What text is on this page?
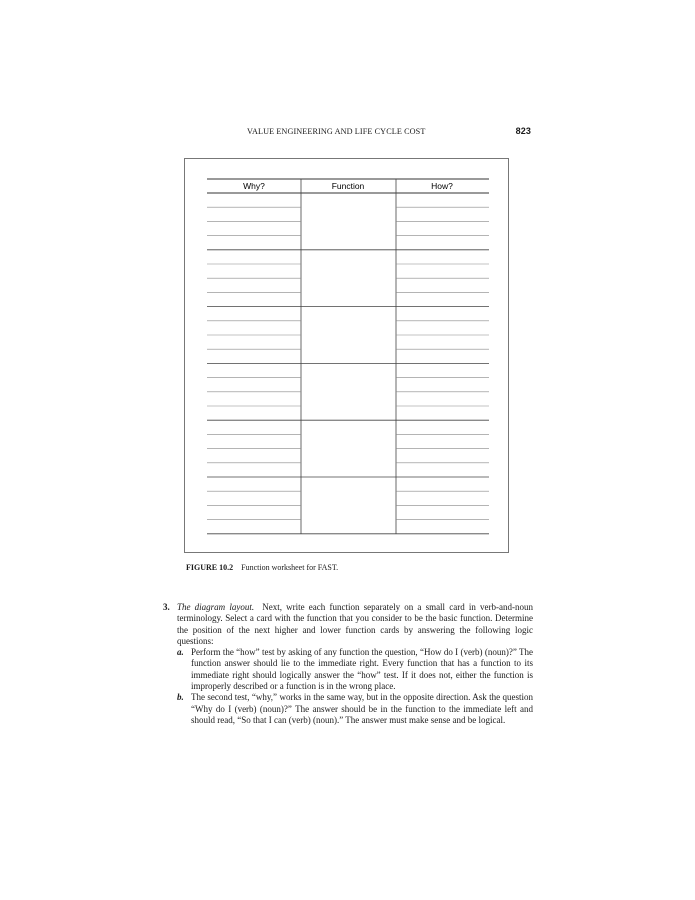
VALUE ENGINEERING AND LIFE CYCLE COST	823
Why?	Function	How?
FIGURE 10.2 Function worksheet for FAST.
3. The diagram layout. Next, write each function separately on a small card in verb-and-noun terminology. Select a card with the function that you consider to be the basic function. Determine the position of the next higher and lower function cards by answering the following logic questions:

a. Perform the “how” test by asking of any function the question, “How do I (verb) (noun)?” The function answer should lie to the immediate right. Every function that has a function to its immediate right should logically answer the “how” test. If it does not, either the function is improperly described or a function is in the wrong place.

b. The second test, “why,” works in the same way, but in the opposite direction. Ask the question “Why do I (verb) (noun)?” The answer should be in the function to the immediate left and should read, “So that I can (verb) (noun).” The answer must make sense and be logical.
